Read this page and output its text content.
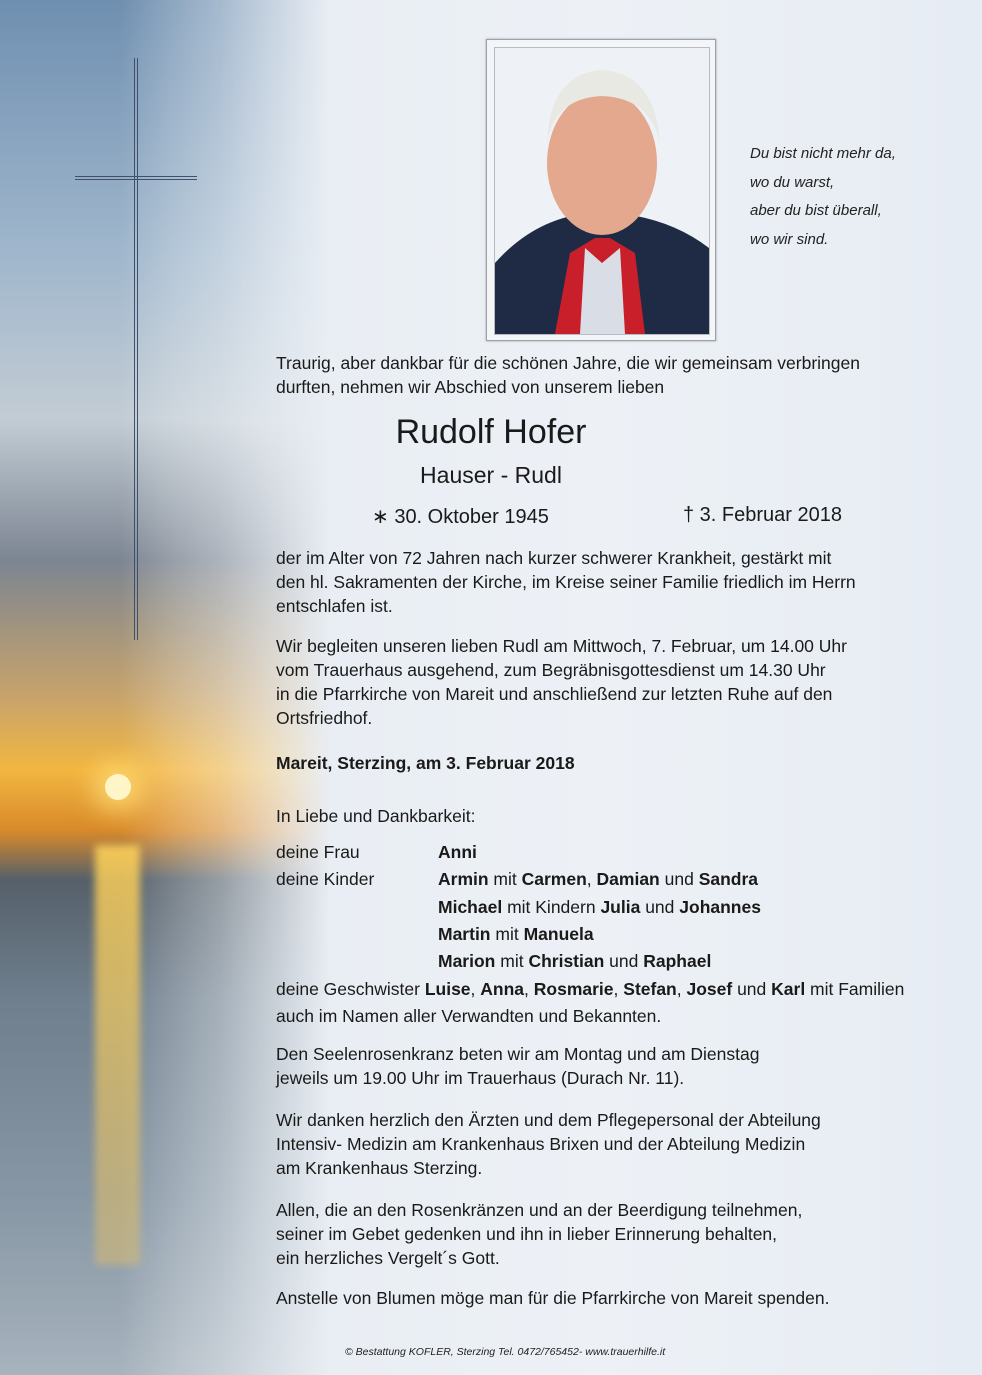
Du bist nicht mehr da,
wo du warst,
aber du bist überall,
wo wir sind.
Traurig, aber dankbar für die schönen Jahre, die wir gemeinsam verbringen
durften, nehmen wir Abschied von unserem lieben
Rudolf Hofer
Hauser - Rudl
∗ 30. Oktober 1945	† 3. Februar 2018
der im Alter von 72 Jahren nach kurzer schwerer Krankheit, gestärkt mit
den hl. Sakramenten der Kirche, im Kreise seiner Familie friedlich im Herrn
entschlafen ist.
Wir begleiten unseren lieben Rudl am Mittwoch, 7. Februar, um 14.00 Uhr
vom Trauerhaus ausgehend, zum Begräbnisgottesdienst um 14.30 Uhr
in die Pfarrkirche von Mareit und anschließend zur letzten Ruhe auf den
Ortsfriedhof.
Mareit, Sterzing, am 3. Februar 2018
In Liebe und Dankbarkeit:
deine Frau	Anni
deine Kinder	Armin mit Carmen, Damian und Sandra
Michael mit Kindern Julia und Johannes
Martin mit Manuela
Marion mit Christian und Raphael
deine Geschwister Luise, Anna, Rosmarie, Stefan, Josef und Karl mit Familien
auch im Namen aller Verwandten und Bekannten.
Den Seelenrosenkranz beten wir am Montag und am Dienstag
jeweils um 19.00 Uhr im Trauerhaus (Durach Nr. 11).
Wir danken herzlich den Ärzten und dem Pflegepersonal der Abteilung
Intensiv- Medizin am Krankenhaus Brixen und der Abteilung Medizin
am Krankenhaus Sterzing.
Allen, die an den Rosenkränzen und an der Beerdigung teilnehmen,
seiner im Gebet gedenken und ihn in lieber Erinnerung behalten,
ein herzliches Vergelt´s Gott.
Anstelle von Blumen möge man für die Pfarrkirche von Mareit spenden.
© Bestattung KOFLER, Sterzing Tel. 0472/765452- www.trauerhilfe.it
